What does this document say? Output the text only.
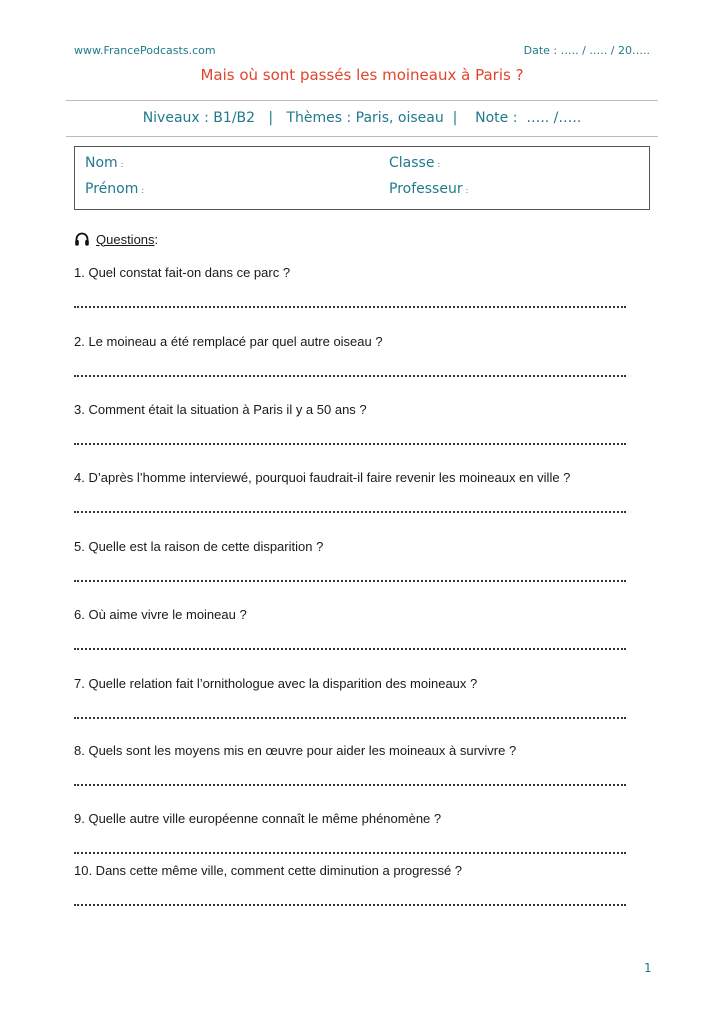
www.FrancePodcasts.com	Date : ….. / ….. / 20…..
Mais où sont passés les moineaux à Paris ?
Niveaux : B1/B2   |   Thèmes : Paris, oiseau  |    Note :  ….. /…..
Nom :
Prénom :
Classe :
Professeur :
Questions :
1. Quel constat fait-on dans ce parc ?
2. Le moineau a été remplacé par quel autre oiseau ?
3. Comment était la situation à Paris il y a 50 ans ?
4. D’après l’homme interviewé, pourquoi faudrait-il faire revenir les moineaux en ville ?
5. Quelle est la raison de cette disparition ?
6. Où aime vivre le moineau ?
7. Quelle relation fait l’ornithologue avec la disparition des moineaux ?
8. Quels sont les moyens mis en œuvre pour aider les moineaux à survivre ?
9. Quelle autre ville européenne connaît le même phénomène ?
10. Dans cette même ville, comment cette diminution a progressé ?
1
